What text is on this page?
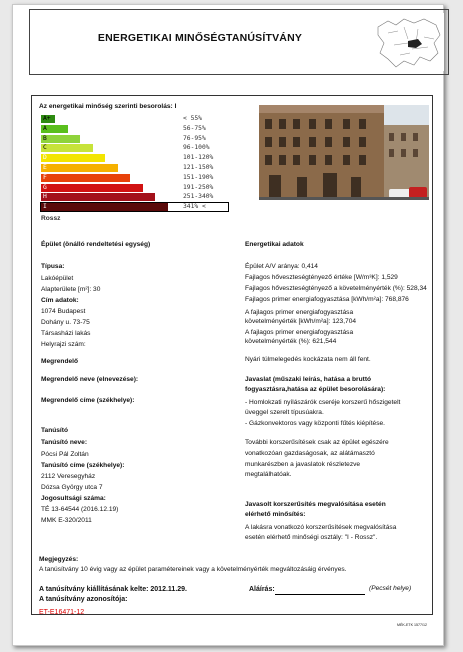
ENERGETIKAI MINŐSÉGTANÚSÍTVÁNY
Az energetikai minőség szerinti besorolás: I
Rossz
Épület (önálló rendeltetési egység)
Típusa:
Lakóépület
Alapterülete [m²]: 30
Cím adatok:
1074 Budapest
Dohány u. 73-75
Társasházi lakás
Helyrajzi szám:
Energetikai adatok
Nyári túlmelegedés kockázata nem áll fent.
Megrendelő
Megrendelő neve (elnevezése):
Megrendelő címe (székhelye):
Javaslat (műszaki leírás, hatása a bruttó
fogyasztásra,hatása az épület besorolására):
Tanúsító
Tanúsító neve:
Pócsi Pál Zoltán
Tanúsító címe (székhelye):
2112 Veresegyház
Dózsa György utca 7
Jogosultsági száma:
TÉ 13-64544 (2016.12.19)
MMK E-320/2011
Javasolt korszerűsítés megvalósítása esetén
elérhető minősítés:
A lakásra vonatkozó korszerűsítések megvalósítása
esetén elérhető minőségi osztály: "I - Rossz".
Megjegyzés:
A tanúsítvány 10 évig vagy az épület paramétereinek vagy a követelményérték megváltozásáig érvényes.
A tanúsítvány kiállításának kelte: 2012.11.29.
A tanúsítvány azonosítója:
ET-E16471-12
Aláírás:	(Pecsét helye)
MÉK-ETK 1577/12
A+	< 55%
A	56-75%
B	76-95%
C	96-100%
D	101-120%
E	121-150%
F	151-190%
G	191-250%
H	251-340%
I	341% <
Épület A/V aránya: 0,414
Fajlagos hőveszteségtényező értéke [W/m³K]: 1,529
Fajlagos hőveszteségtényező a követelményérték (%): 528,34
Fajlagos primer energiafogyasztása [kWh/m²a]: 768,876
A fajlagos primer energiafogyasztása
követelményérték [kWh/m²a]: 123,704
A fajlagos primer energiafogyasztása
követelményérték (%): 621,544
- Homlokzati nyílászárók cseréje korszerű hőszigetelt
üveggel szerelt típusúakra.
- Gázkonvektoros vagy központi fűtés kiépítése.
További korszerűsítések csak az épület egészére
vonatkozóan gazdaságosak, az alátámasztó
munkarészben a javaslatok részletezve
megtalálhatóak.
